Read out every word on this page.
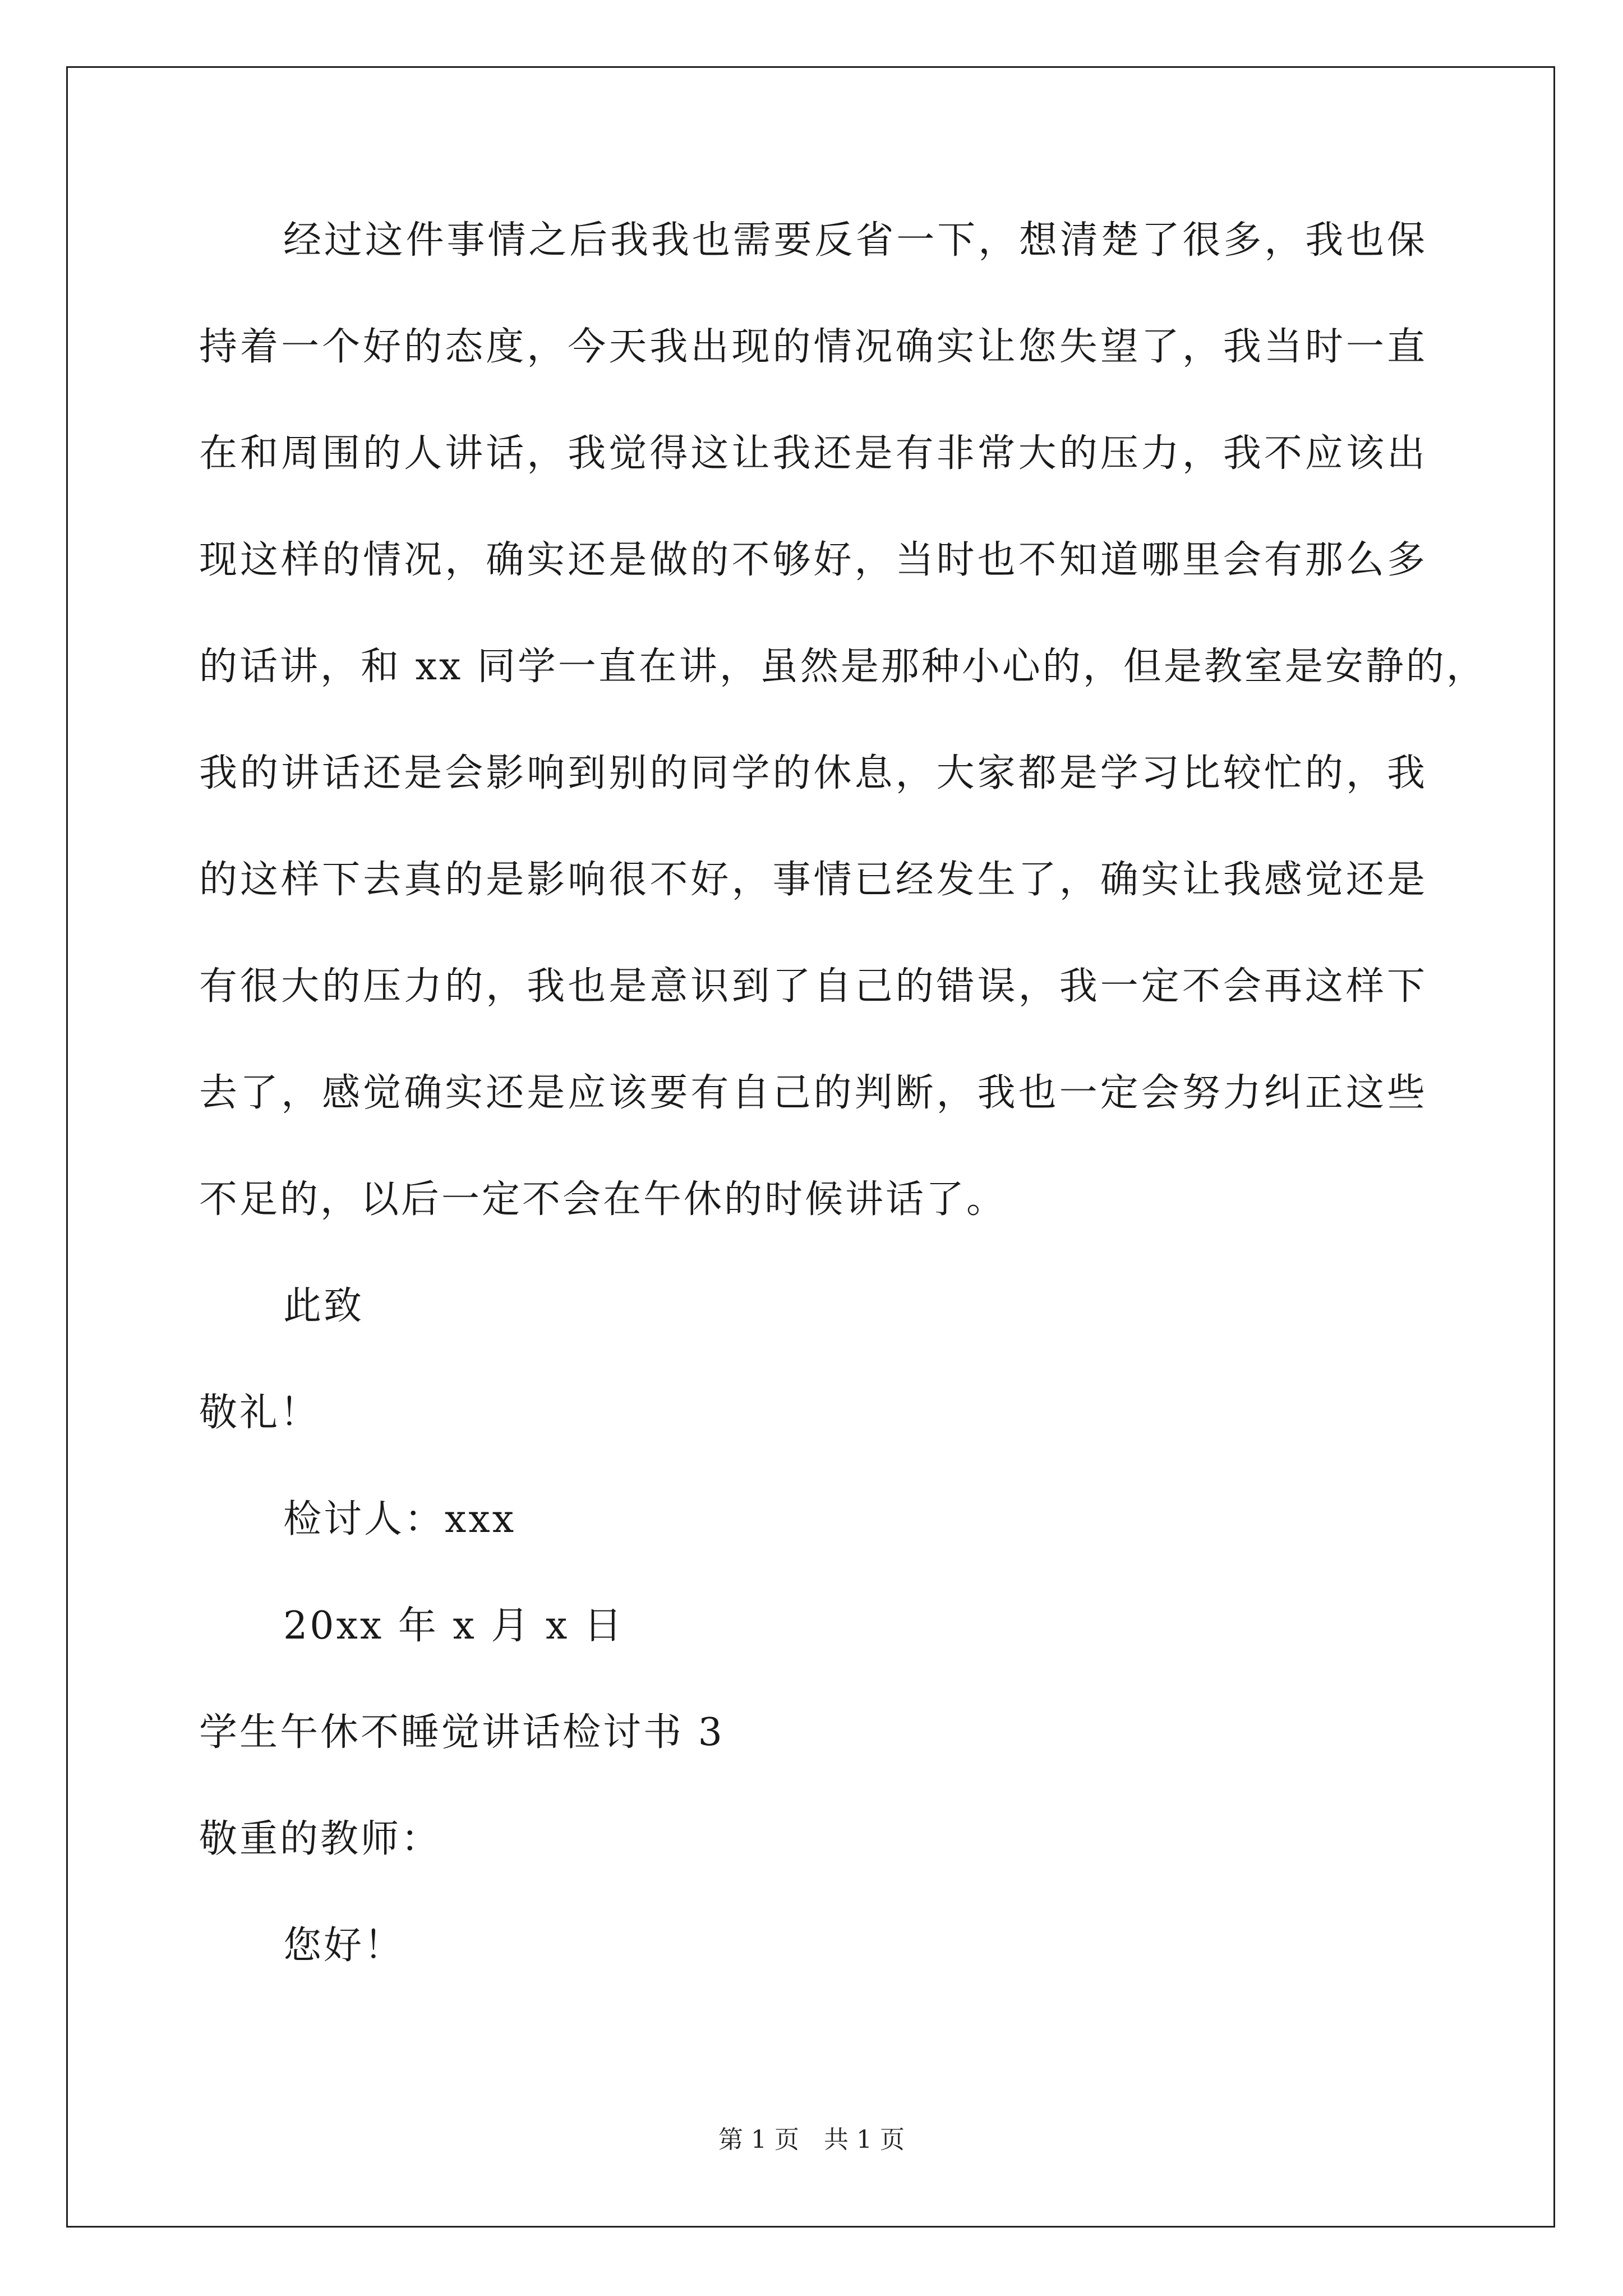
经过这件事情之后我我也需要反省一下，想清楚了很多，我也保
持着一个好的态度，今天我出现的情况确实让您失望了，我当时一直
在和周围的人讲话，我觉得这让我还是有非常大的压力，我不应该出
现这样的情况，确实还是做的不够好，当时也不知道哪里会有那么多
的话讲，和 xx 同学一直在讲，虽然是那种小心的，但是教室是安静的，
我的讲话还是会影响到别的同学的休息，大家都是学习比较忙的，我
的这样下去真的是影响很不好，事情已经发生了，确实让我感觉还是
有很大的压力的，我也是意识到了自己的错误，我一定不会再这样下
去了，感觉确实还是应该要有自己的判断，我也一定会努力纠正这些
不足的，以后一定不会在午休的时候讲话了。
此致
敬礼！
检讨人：xxx
20xx 年 x 月 x 日
学生午休不睡觉讲话检讨书 3
敬重的教师：
您好！
第 1 页　共 1 页
